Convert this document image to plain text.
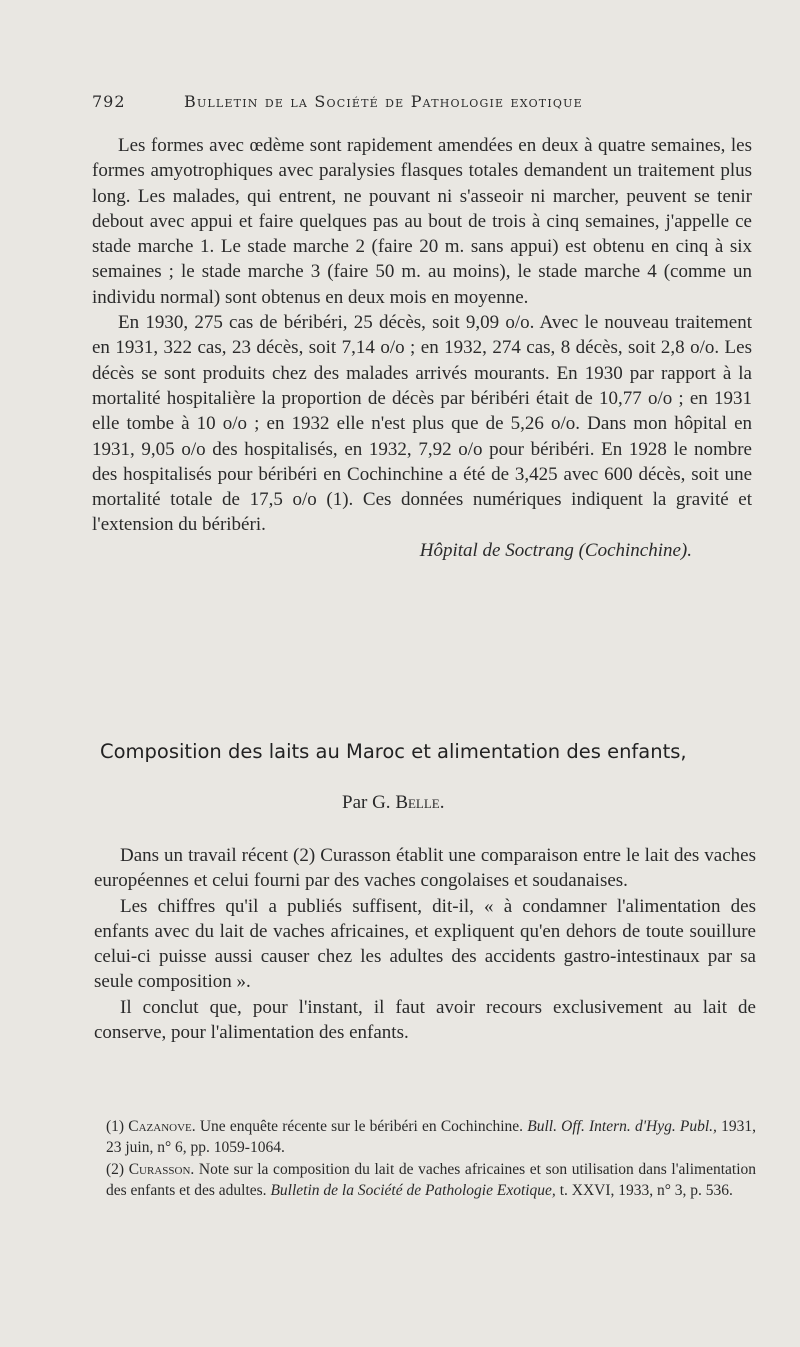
792	Bulletin de la Société de Pathologie exotique

Les formes avec œdème sont rapidement amendées en deux à quatre semaines, les formes amyotrophiques avec paralysies flasques totales demandent un traitement plus long. Les malades, qui entrent, ne pouvant ni s'asseoir ni marcher, peuvent se tenir debout avec appui et faire quelques pas au bout de trois à cinq semaines, j'appelle ce stade marche 1. Le stade marche 2 (faire 20 m. sans appui) est obtenu en cinq à six semaines ; le stade marche 3 (faire 50 m. au moins), le stade marche 4 (comme un individu normal) sont obtenus en deux mois en moyenne.

En 1930, 275 cas de béribéri, 25 décès, soit 9,09 o/o. Avec le nouveau traitement en 1931, 322 cas, 23 décès, soit 7,14 o/o ; en 1932, 274 cas, 8 décès, soit 2,8 o/o. Les décès se sont produits chez des malades arrivés mourants. En 1930 par rapport à la mortalité hospitalière la proportion de décès par béribéri était de 10,77 o/o ; en 1931 elle tombe à 10 o/o ; en 1932 elle n'est plus que de 5,26 o/o. Dans mon hôpital en 1931, 9,05 o/o des hospitalisés, en 1932, 7,92 o/o pour béribéri. En 1928 le nombre des hospitalisés pour béribéri en Cochinchine a été de 3,425 avec 600 décès, soit une mortalité totale de 17,5 o/o (1). Ces données numériques indiquent la gravité et l'extension du béribéri.

Hôpital de Soctrang (Cochinchine).
Composition des laits au Maroc et alimentation des enfants,
Par G. Belle.

Dans un travail récent (2) Curasson établit une comparaison entre le lait des vaches européennes et celui fourni par des vaches congolaises et soudanaises.

Les chiffres qu'il a publiés suffisent, dit-il, « à condamner l'alimentation des enfants avec du lait de vaches africaines, et expliquent qu'en dehors de toute souillure celui-ci puisse aussi causer chez les adultes des accidents gastro-intestinaux par sa seule composition ».

Il conclut que, pour l'instant, il faut avoir recours exclusivement au lait de conserve, pour l'alimentation des enfants.

(1) Cazanove. Une enquête récente sur le béribéri en Cochinchine. Bull. Off. Intern. d'Hyg. Publ., 1931, 23 juin, n° 6, pp. 1059-1064.

(2) Curasson. Note sur la composition du lait de vaches africaines et son utilisation dans l'alimentation des enfants et des adultes. Bulletin de la Société de Pathologie Exotique, t. XXVI, 1933, n° 3, p. 536.
